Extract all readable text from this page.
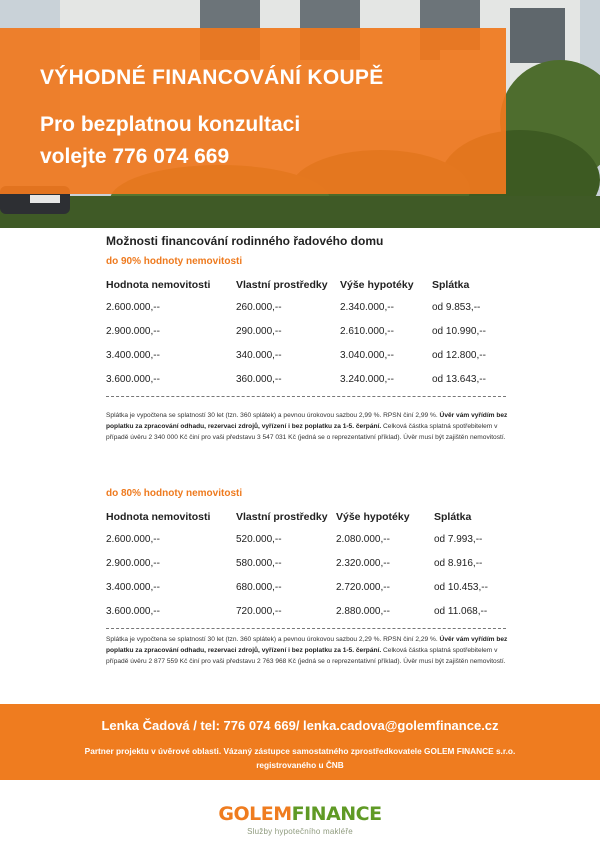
VÝHODNÉ FINANCOVÁNÍ KOUPĚ
Pro bezplatnou konzultaci
volejte 776 074 669
Možnosti financování rodinného řadového domu
do 90% hodnoty nemovitosti
Hodnota nemovitosti	Vlastní prostředky	Výše hypotéky	Splátka
2.600.000,--	260.000,--	2.340.000,--	od 9.853,--
2.900.000,--	290.000,--	2.610.000,--	od 10.990,--
3.400.000,--	340.000,--	3.040.000,--	od 12.800,--
3.600.000,--	360.000,--	3.240.000,--	od 13.643,--
Splátka je vypočtena se splatností 30 let (tzn. 360 splátek) a pevnou úrokovou sazbou 2,99 %. RPSN činí 2,99 %. Úvěr vám vyřídím bez poplatku za zpracování odhadu, rezervaci zdrojů, vyřízení i bez poplatku za 1-5. čerpání. Celková částka splatná spotřebitelem v případě úvěru 2 340 000 Kč činí pro vaši představu 3 547 031 Kč (jedná se o reprezentativní příklad). Úvěr musí být zajištěn nemovitostí.
do 80% hodnoty nemovitosti
Hodnota nemovitosti	Vlastní prostředky	Výše hypotéky	Splátka
2.600.000,--	520.000,--	2.080.000,--	od 7.993,--
2.900.000,--	580.000,--	2.320.000,--	od 8.916,--
3.400.000,--	680.000,--	2.720.000,--	od 10.453,--
3.600.000,--	720.000,--	2.880.000,--	od 11.068,--
Splátka je vypočtena se splatností 30 let (tzn. 360 splátek) a pevnou úrokovou sazbou 2,29 %. RPSN činí 2,29 %. Úvěr vám vyřídím bez poplatku za zpracování odhadu, rezervaci zdrojů, vyřízení i bez poplatku za 1-5. čerpání. Celková částka splatná spotřebitelem v případě úvěru 2 877 559 Kč činí pro vaši představu 2 763 968 Kč (jedná se o reprezentativní příklad). Úvěr musí být zajištěn nemovitostí.
Lenka Čadová / tel: 776 074 669/ lenka.cadova@golemfinance.cz
Partner projektu v úvěrové oblasti. Vázaný zástupce samostatného zprostředkovatele GOLEM FINANCE s.r.o. registrovaného u ČNB
GOLEMFINANCE
Služby hypotečního makléře
